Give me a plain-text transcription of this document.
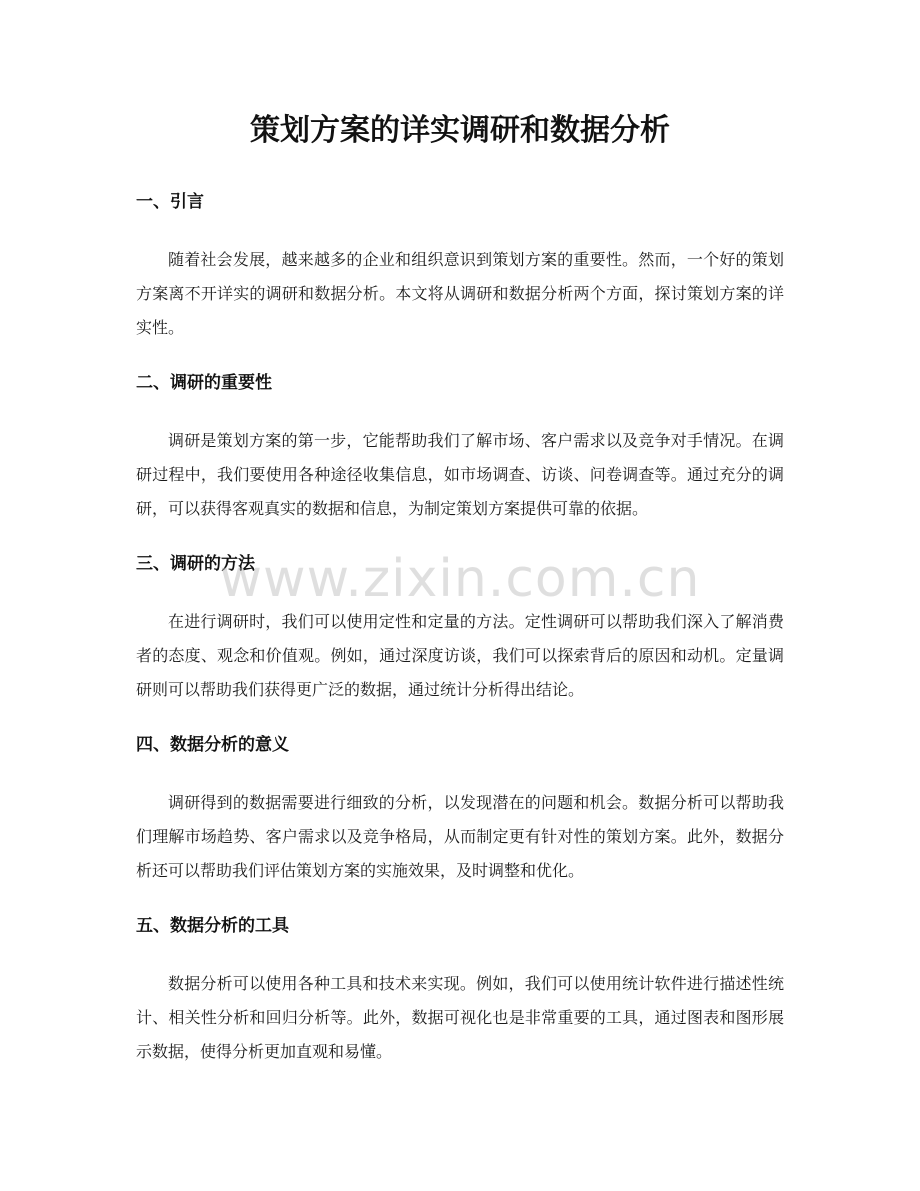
策划方案的详实调研和数据分析
一、引言

随着社会发展，越来越多的企业和组织意识到策划方案的重要性。然而，一个好的策划方案离不开详实的调研和数据分析。本文将从调研和数据分析两个方面，探讨策划方案的详实性。

二、调研的重要性

调研是策划方案的第一步，它能帮助我们了解市场、客户需求以及竞争对手情况。在调研过程中，我们要使用各种途径收集信息，如市场调查、访谈、问卷调查等。通过充分的调研，可以获得客观真实的数据和信息，为制定策划方案提供可靠的依据。

三、调研的方法

在进行调研时，我们可以使用定性和定量的方法。定性调研可以帮助我们深入了解消费者的态度、观念和价值观。例如，通过深度访谈，我们可以探索背后的原因和动机。定量调研则可以帮助我们获得更广泛的数据，通过统计分析得出结论。

四、数据分析的意义

调研得到的数据需要进行细致的分析，以发现潜在的问题和机会。数据分析可以帮助我们理解市场趋势、客户需求以及竞争格局，从而制定更有针对性的策划方案。此外，数据分析还可以帮助我们评估策划方案的实施效果，及时调整和优化。

五、数据分析的工具

数据分析可以使用各种工具和技术来实现。例如，我们可以使用统计软件进行描述性统计、相关性分析和回归分析等。此外，数据可视化也是非常重要的工具，通过图表和图形展示数据，使得分析更加直观和易懂。

www.zixin.com.cn
